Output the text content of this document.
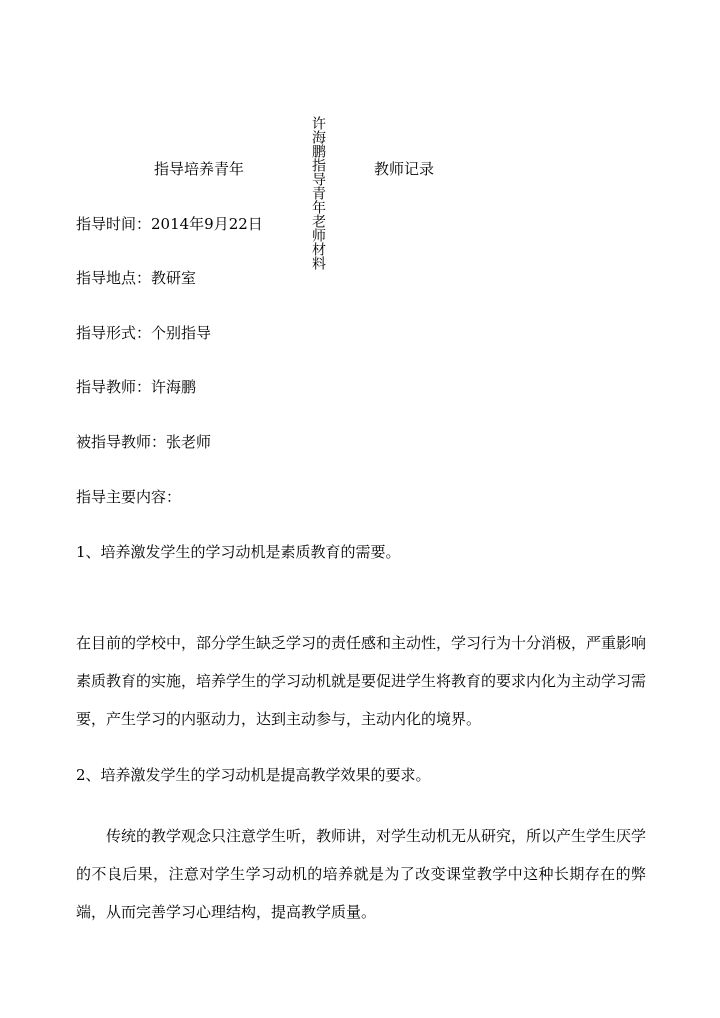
指导培养青年	许海鹏指导青年老师材料	教师记录
指导时间：2014年9月22日
指导地点：教研室
指导形式：个别指导
指导教师：许海鹏
被指导教师：张老师
指导主要内容：
1、培养激发学生的学习动机是素质教育的需要。
在目前的学校中，部分学生缺乏学习的责任感和主动性，学习行为十分消极，严重影响素质教育的实施，培养学生的学习动机就是要促进学生将教育的要求内化为主动学习需要，产生学习的内驱动力，达到主动参与，主动内化的境界。
2、培养激发学生的学习动机是提高教学效果的要求。
传统的教学观念只注意学生听，教师讲，对学生动机无从研究，所以产生学生厌学的不良后果，注意对学生学习动机的培养就是为了改变课堂教学中这种长期存在的弊端，从而完善学习心理结构，提高教学质量。
